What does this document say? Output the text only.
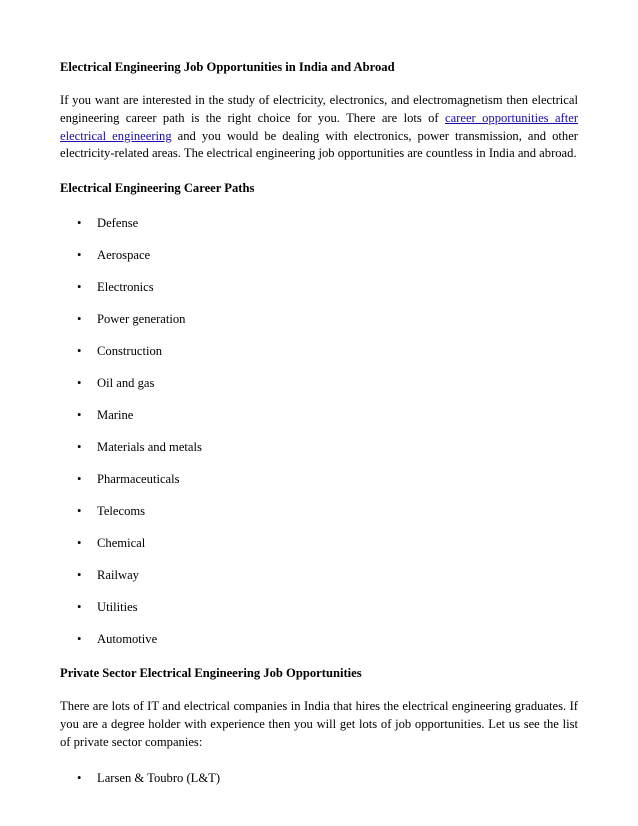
Electrical Engineering Job Opportunities in India and Abroad

If you want are interested in the study of electricity, electronics, and electromagnetism then electrical engineering career path is the right choice for you. There are lots of career opportunities after electrical engineering and you would be dealing with electronics, power transmission, and other electricity-related areas. The electrical engineering job opportunities are countless in India and abroad.

Electrical Engineering Career Paths

• Defense
• Aerospace
• Electronics
• Power generation
• Construction
• Oil and gas
• Marine
• Materials and metals
• Pharmaceuticals
• Telecoms
• Chemical
• Railway
• Utilities
• Automotive

Private Sector Electrical Engineering Job Opportunities

There are lots of IT and electrical companies in India that hires the electrical engineering graduates. If you are a degree holder with experience then you will get lots of job opportunities. Let us see the list of private sector companies:

• Larsen & Toubro (L&T)
